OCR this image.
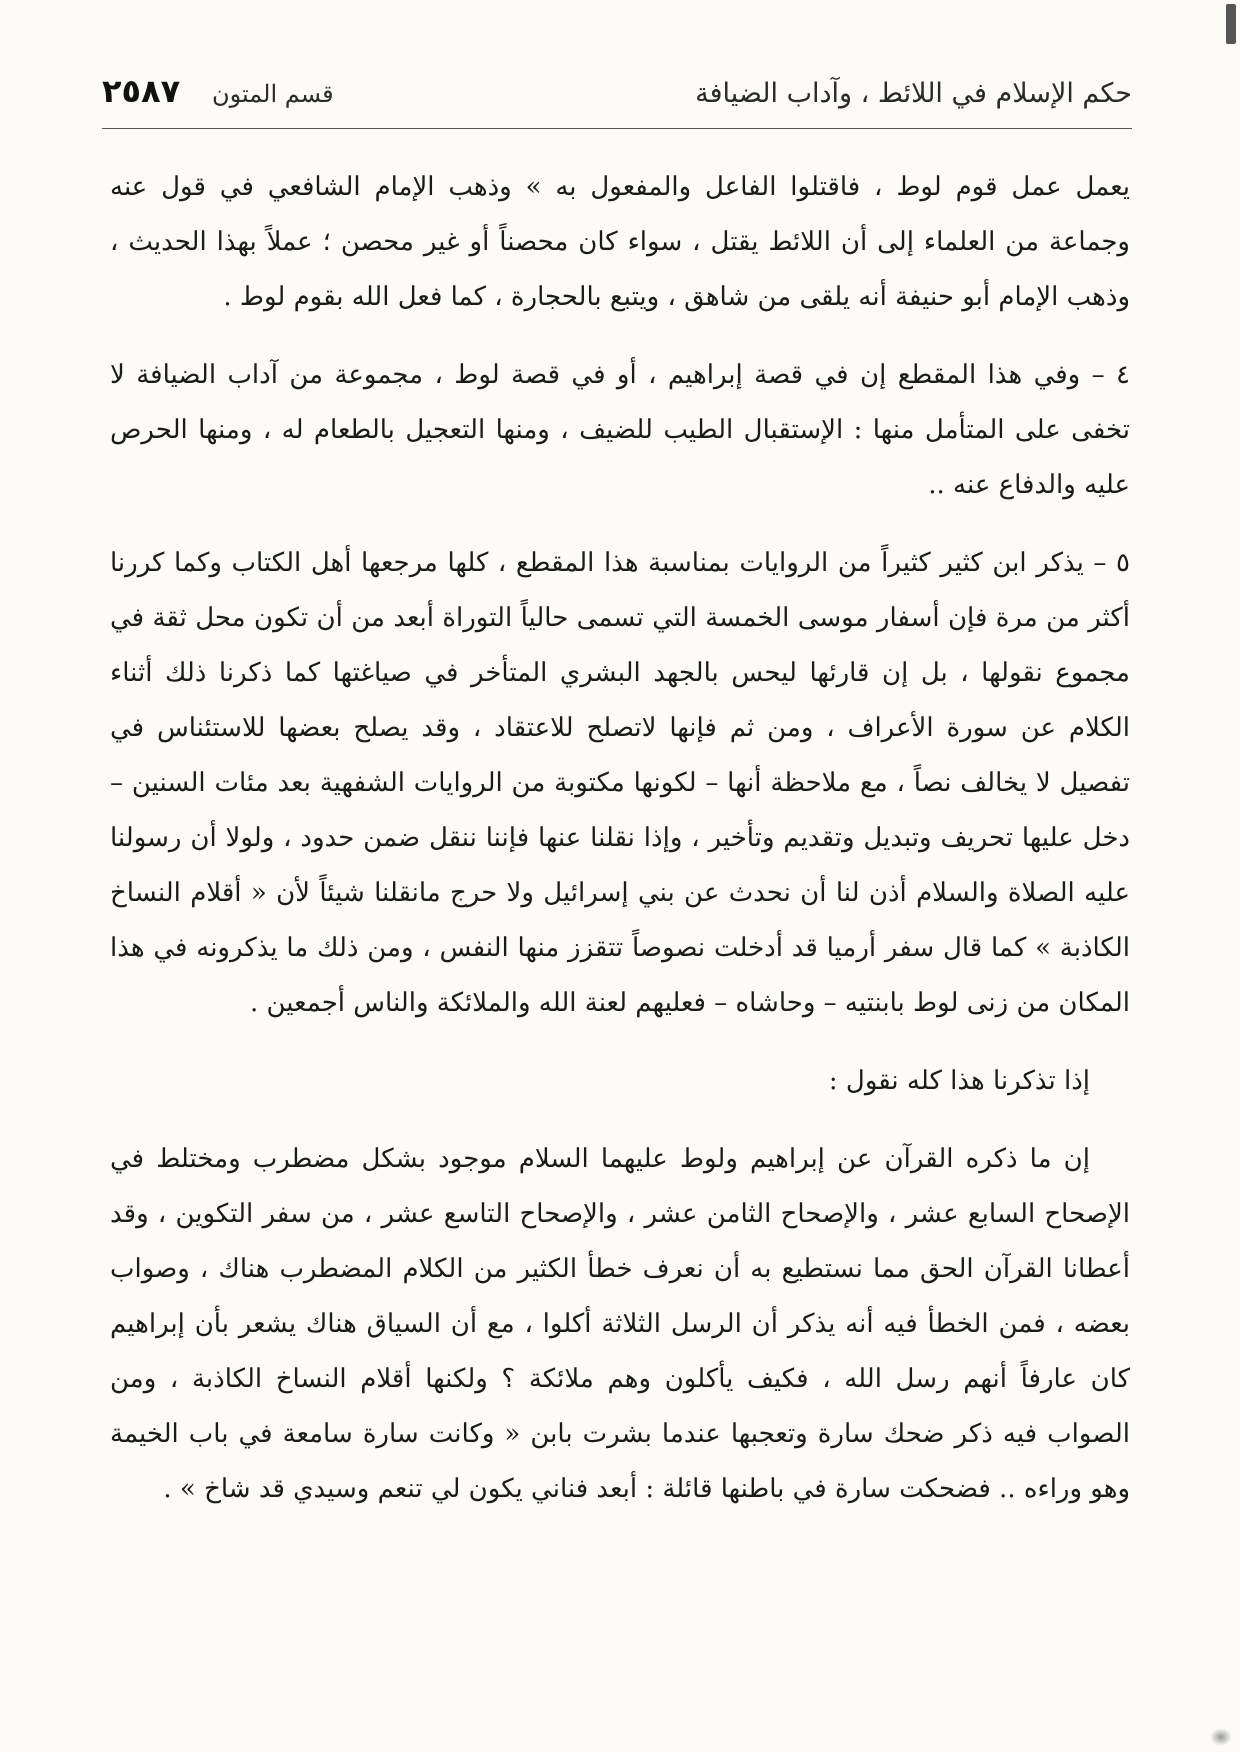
حكم الإسلام في اللائط ، وآداب الضيافة
قسم المتون
٢٥٨٧

يعمل عمل قوم لوط ، فاقتلوا الفاعل والمفعول به » وذهب الإمام الشافعي في قول عنه وجماعة من العلماء إلى أن اللائط يقتل ، سواء كان محصناً أو غير محصن ؛ عملاً بهذا الحديث ، وذهب الإمام أبو حنيفة أنه يلقى من شاهق ، ويتبع بالحجارة ، كما فعل الله بقوم لوط .

٤ – وفي هذا المقطع إن في قصة إبراهيم ، أو في قصة لوط ، مجموعة من آداب الضيافة لا تخفى على المتأمل منها : الإستقبال الطيب للضيف ، ومنها التعجيل بالطعام له ، ومنها الحرص عليه والدفاع عنه ..

٥ – يذكر ابن كثير كثيراً من الروايات بمناسبة هذا المقطع ، كلها مرجعها أهل الكتاب وكما كررنا أكثر من مرة فإن أسفار موسى الخمسة التي تسمى حالياً التوراة أبعد من أن تكون محل ثقة في مجموع نقولها ، بل إن قارئها ليحس بالجهد البشري المتأخر في صياغتها كما ذكرنا ذلك أثناء الكلام عن سورة الأعراف ، ومن ثم فإنها لاتصلح للاعتقاد ، وقد يصلح بعضها للاستئناس في تفصيل لا يخالف نصاً ، مع ملاحظة أنها – لكونها مكتوبة من الروايات الشفهية بعد مئات السنين – دخل عليها تحريف وتبديل وتقديم وتأخير ، وإذا نقلنا عنها فإننا ننقل ضمن حدود ، ولولا أن رسولنا عليه الصلاة والسلام أذن لنا أن نحدث عن بني إسرائيل ولا حرج مانقلنا شيئاً لأن « أقلام النساخ الكاذبة » كما قال سفر أرميا قد أدخلت نصوصاً تتقزز منها النفس ، ومن ذلك ما يذكرونه في هذا المكان من زنى لوط بابنتيه – وحاشاه – فعليهم لعنة الله والملائكة والناس أجمعين .

إذا تذكرنا هذا كله نقول :

إن ما ذكره القرآن عن إبراهيم ولوط عليهما السلام موجود بشكل مضطرب ومختلط في الإصحاح السابع عشر ، والإصحاح الثامن عشر ، والإصحاح التاسع عشر ، من سفر التكوين ، وقد أعطانا القرآن الحق مما نستطيع به أن نعرف خطأ الكثير من الكلام المضطرب هناك ، وصواب بعضه ، فمن الخطأ فيه أنه يذكر أن الرسل الثلاثة أكلوا ، مع أن السياق هناك يشعر بأن إبراهيم كان عارفاً أنهم رسل الله ، فكيف يأكلون وهم ملائكة ؟ ولكنها أقلام النساخ الكاذبة ، ومن الصواب فيه ذكر ضحك سارة وتعجبها عندما بشرت بابن « وكانت سارة سامعة في باب الخيمة وهو وراءه .. فضحكت سارة في باطنها قائلة : أبعد فناني يكون لي تنعم وسيدي قد شاخ » .
